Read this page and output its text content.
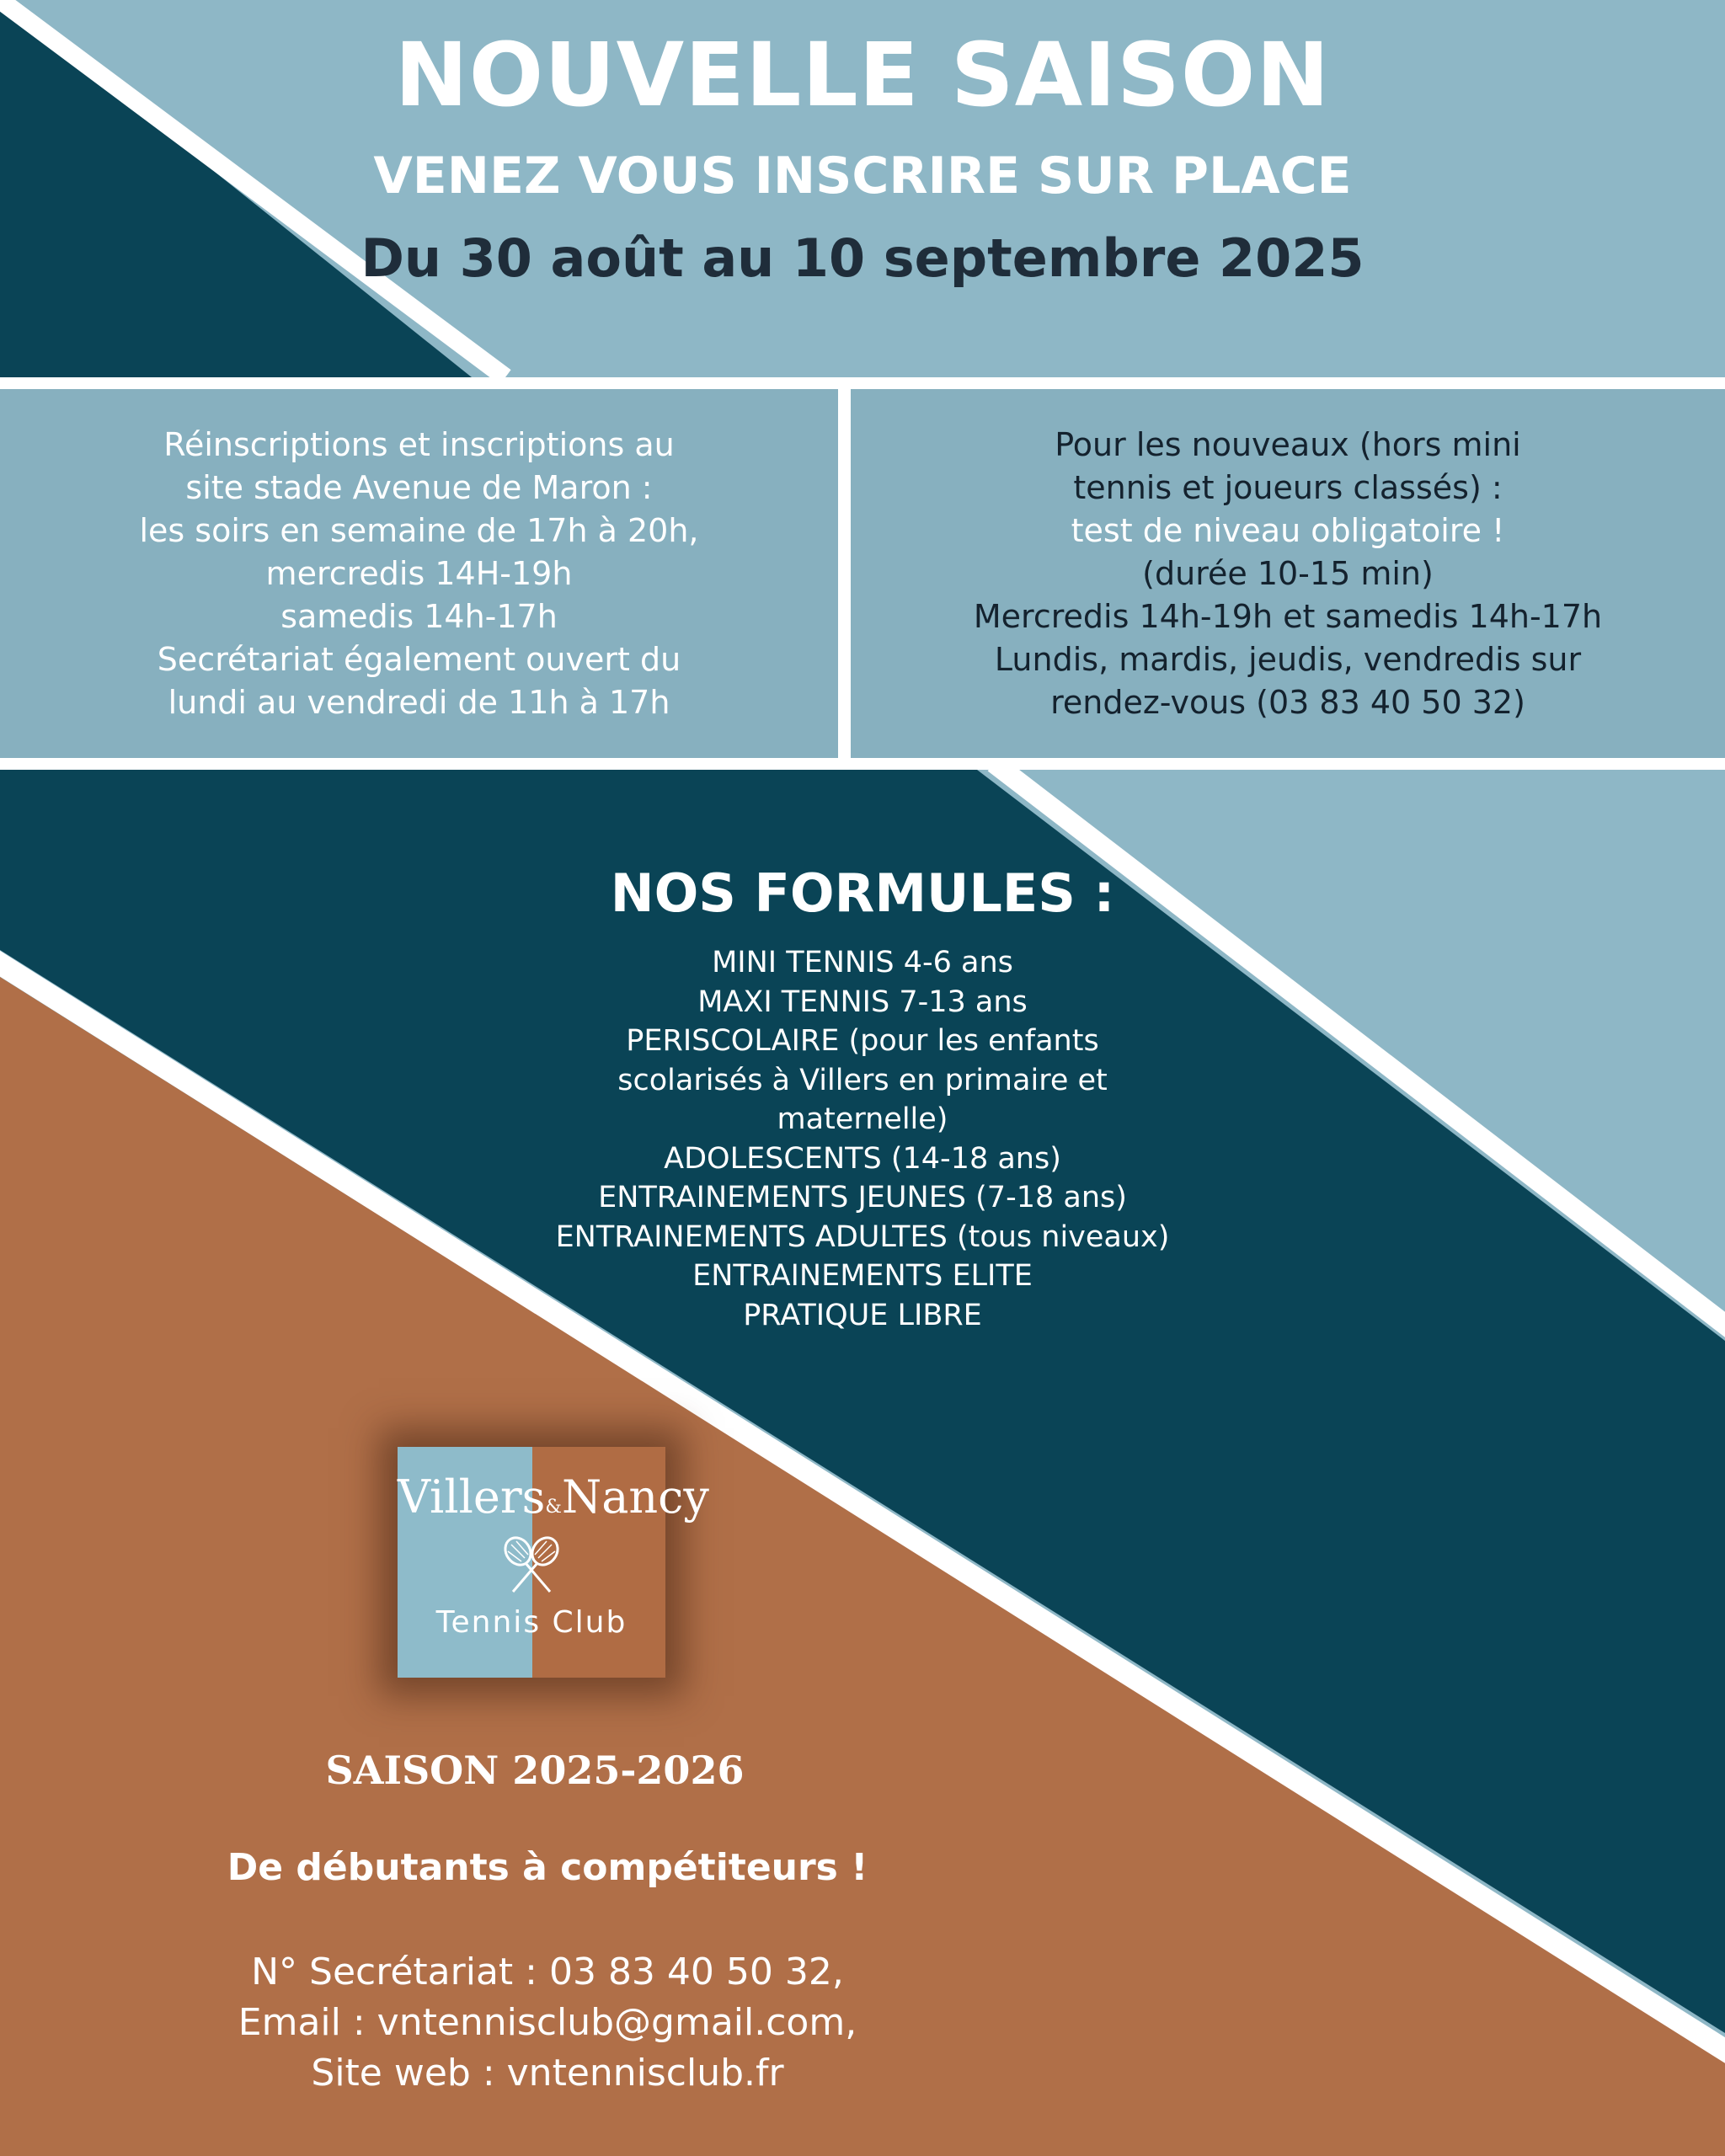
NOUVELLE SAISON
VENEZ VOUS INSCRIRE SUR PLACE
Du 30 août au 10 septembre 2025

Réinscriptions et inscriptions au

site stade Avenue de Maron :

les soirs en semaine de 17h à 20h,

mercredis 14H-19h

samedis 14h-17h

Secrétariat également ouvert du

lundi au vendredi de 11h à 17h

Pour les nouveaux (hors mini

tennis et joueurs classés) :

test de niveau obligatoire !

(durée 10-15 min)

Mercredis 14h-19h et samedis 14h-17h

Lundis, mardis, jeudis, vendredis sur

rendez-vous (03 83 40 50 32)

NOS FORMULES :
MINI TENNIS 4-6 ans
MAXI TENNIS 7-13 ans
PERISCOLAIRE (pour les enfants
scolarisés à Villers en primaire et
maternelle)
ADOLESCENTS (14-18 ans)
ENTRAINEMENTS JEUNES (7-18 ans)
ENTRAINEMENTS ADULTES (tous niveaux)
ENTRAINEMENTS ELITE
PRATIQUE LIBRE
Villers&Nancy
Tennis Club
SAISON 2025-2026
De débutants à compétiteurs !
N° Secrétariat : 03 83 40 50 32,
Email : vntennisclub@gmail.com,
Site web : vntennisclub.fr
